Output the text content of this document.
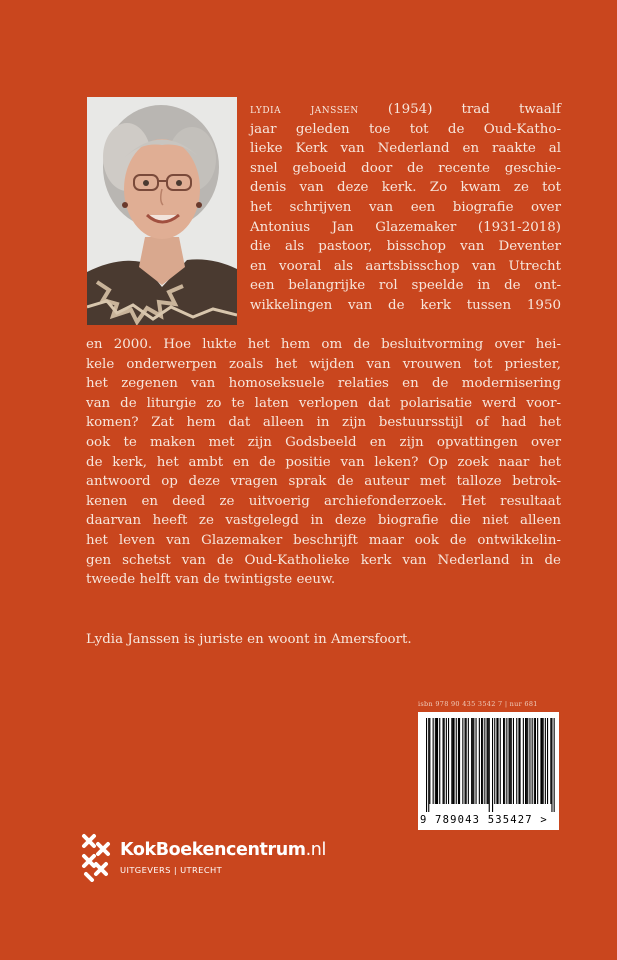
lydia janssen (1954) trad twaalf
jaar geleden toe tot de Oud-Katho-
lieke Kerk van Nederland en raakte al
snel geboeid door de recente geschie-
denis van deze kerk. Zo kwam ze tot
het schrijven van een biografie over
Antonius Jan Glazemaker (1931-2018)
die als pastoor, bisschop van Deventer
en vooral als aartsbisschop van Utrecht
een belangrijke rol speelde in de ont-
wikkelingen van de kerk tussen 1950
en 2000. Hoe lukte het hem om de besluitvorming over hei-
kele onderwerpen zoals het wijden van vrouwen tot priester,
het zegenen van homoseksuele relaties en de modernisering
van de liturgie zo te laten verlopen dat polarisatie werd voor-
komen? Zat hem dat alleen in zijn bestuursstijl of had het
ook te maken met zijn Godsbeeld en zijn opvattingen over
de kerk, het ambt en de positie van leken? Op zoek naar het
antwoord op deze vragen sprak de auteur met talloze betrok-
kenen en deed ze uitvoerig archiefonderzoek. Het resultaat
daarvan heeft ze vastgelegd in deze biografie die niet alleen
het leven van Glazemaker beschrijft maar ook de ontwikkelin-
gen schetst van de Oud-Katholieke kerk van Nederland in de
tweede helft van de twintigste eeuw.
Lydia Janssen is juriste en woont in Amersfoort.
isbn 978 90 435 3542 7 | nur 681
9 789043 535427 >
KokBoekencentrum.nl
UITGEVERS | UTRECHT
